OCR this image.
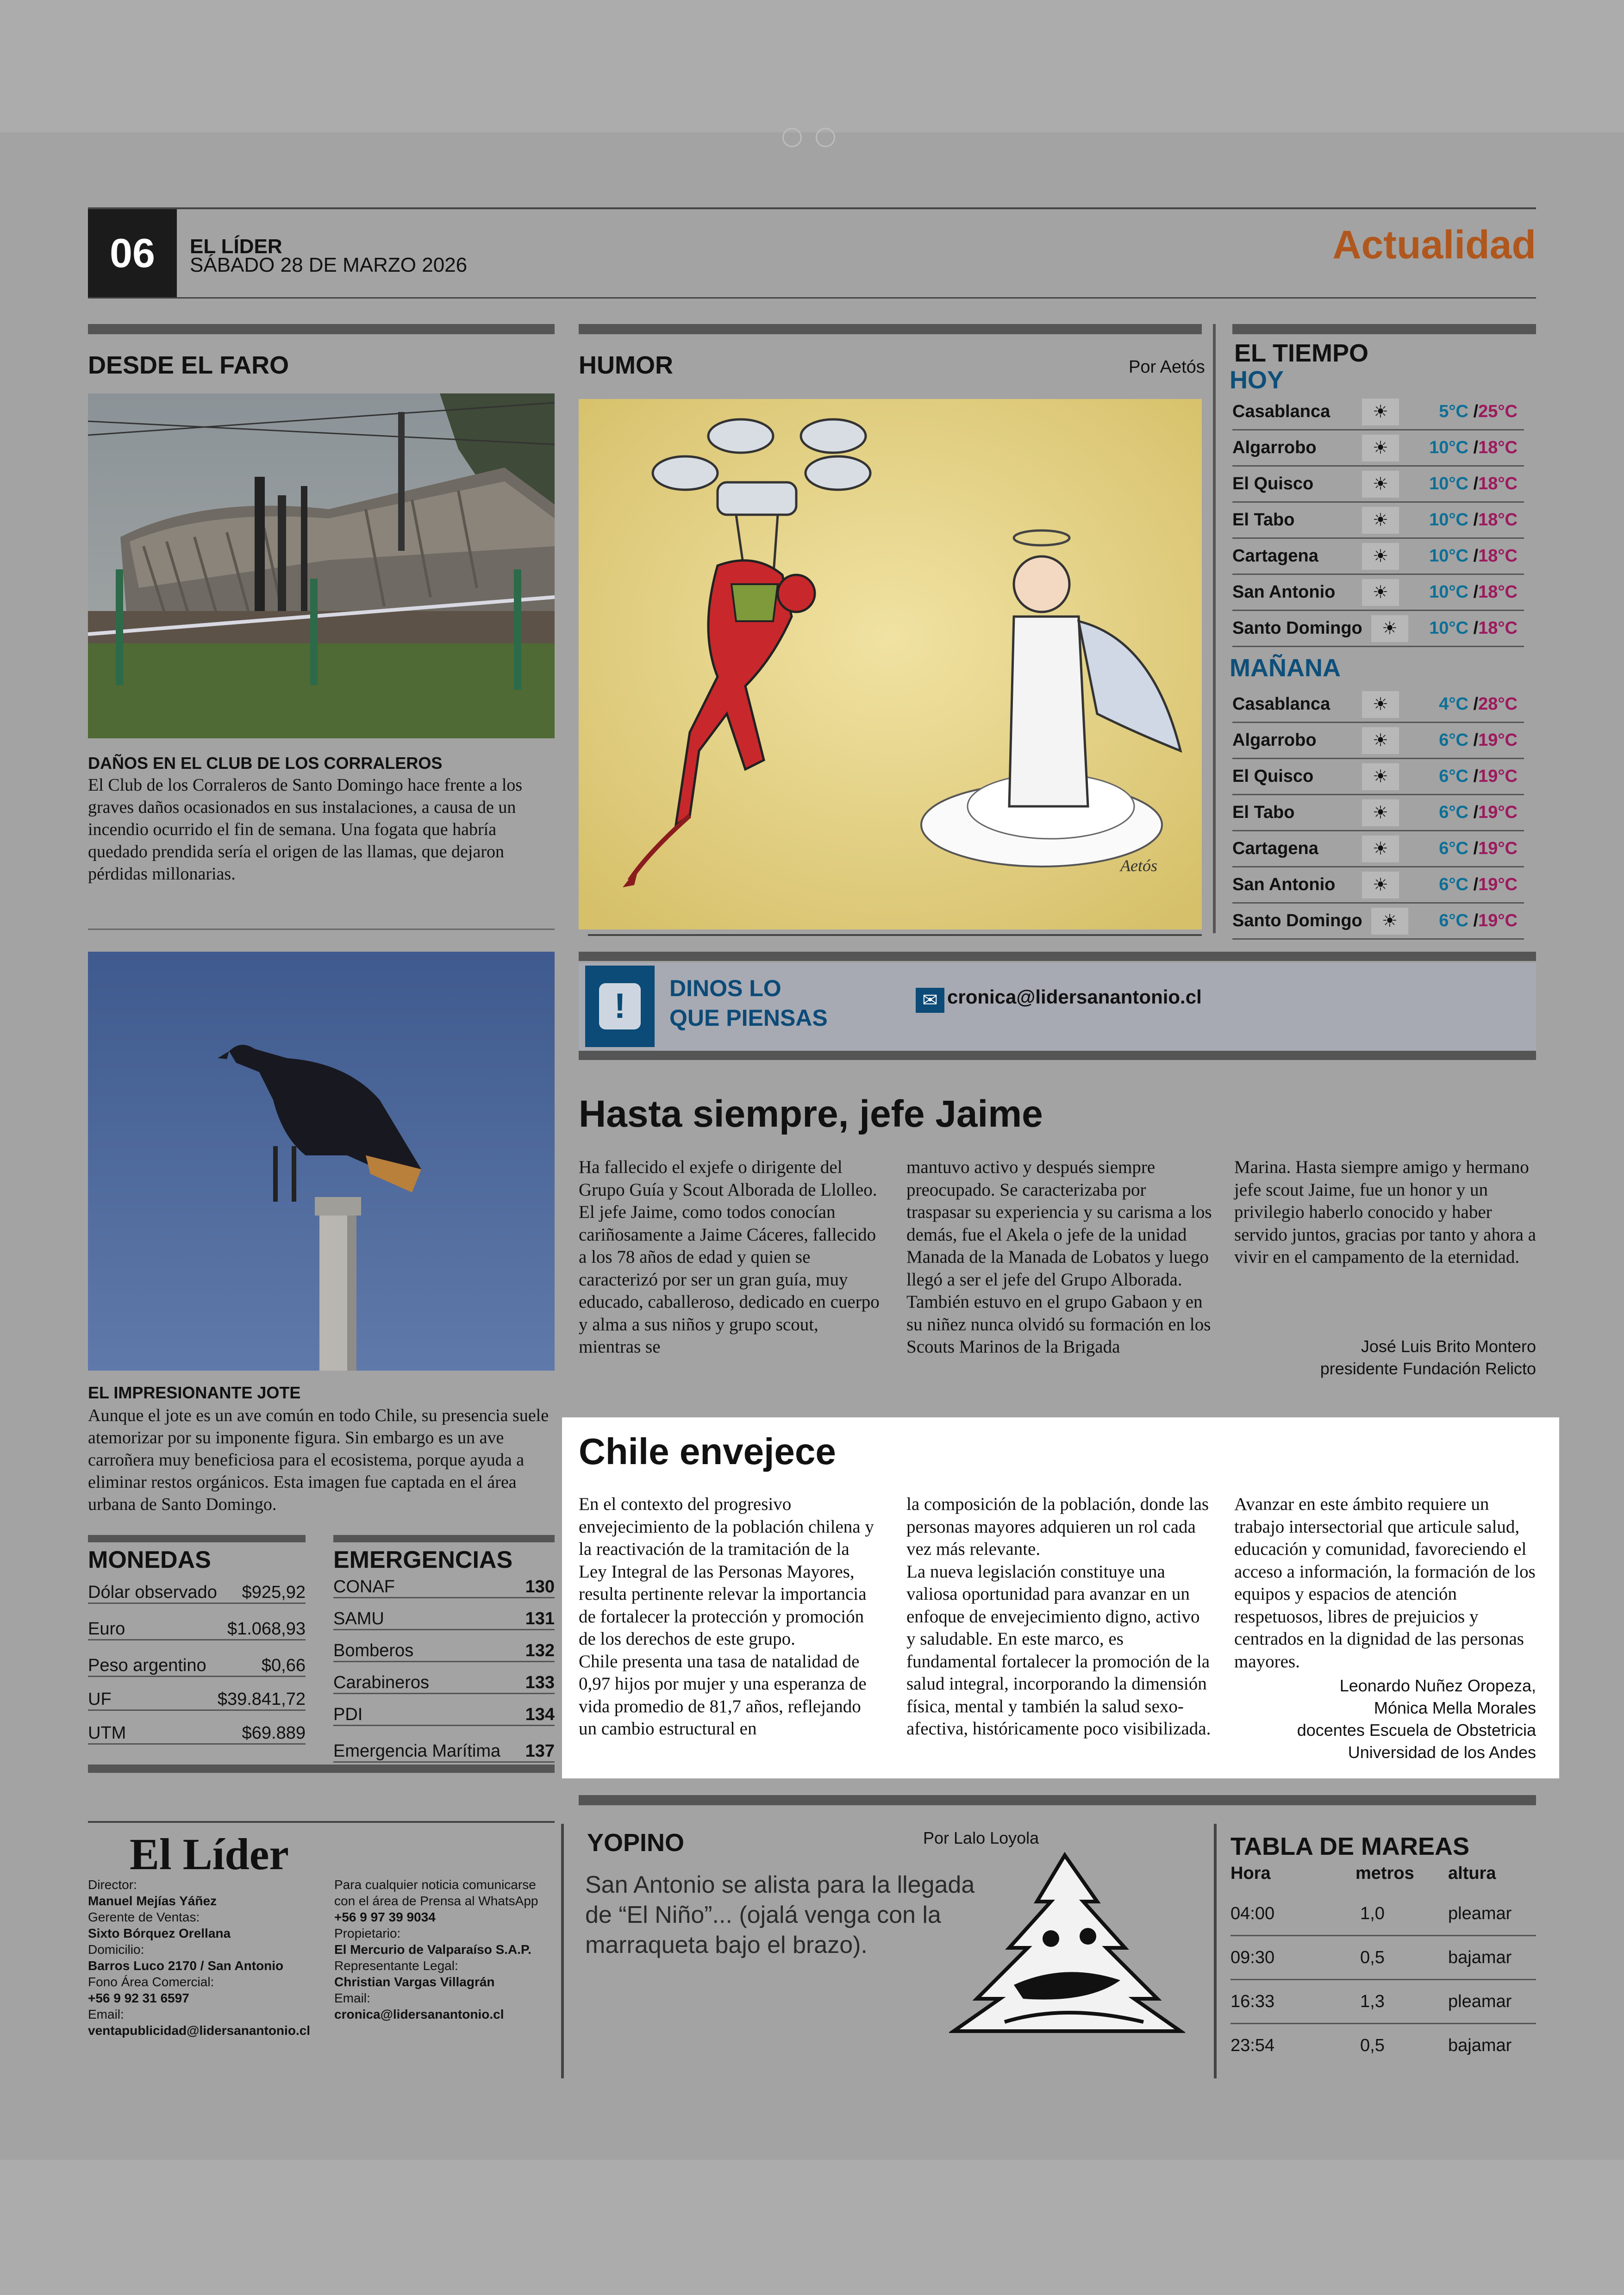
06	EL LÍDER
SÁBADO 28 DE MARZO 2026	Actualidad
DESDE EL FARO
DAÑOS EN EL CLUB DE LOS CORRALEROS
El Club de los Corraleros de Santo Domingo hace frente a los graves daños ocasionados en sus instalaciones, a causa de un incendio ocurrido el fin de semana. Una fogata que habría quedado prendida sería el origen de las llamas, que dejaron pérdidas millonarias.
EL IMPRESIONANTE JOTE
Aunque el jote es un ave común en todo Chile, su presencia suele atemorizar por su imponente figura. Sin embargo es un ave carroñera muy beneficiosa para el ecosistema, porque ayuda a eliminar restos orgánicos. Esta imagen fue captada en el área urbana de Santo Domingo.
MONEDAS
Dólar observado $925,92
Euro	$1.068,93
Peso argentino	$0,66
UF	$39.841,72
UTM	$69.889
EMERGENCIAS
CONAF	130
SAMU	131
Bomberos	132
Carabineros	133
PDI	134
Emergencia Marítima 137
HUMOR	Por Aetós
Aetós
EL TIEMPO
HOY
Casablanca	☀	5°C /25°C
Algarrobo	☀	10°C /18°C
El Quisco	☀	10°C /18°C
El Tabo	☀	10°C /18°C
Cartagena	☀	10°C /18°C
San Antonio	☀	10°C /18°C
Santo Domingo	☀	10°C /18°C
MAÑANA
Casablanca	☀	4°C /28°C
Algarrobo	☀	6°C /19°C
El Quisco	☀	6°C /19°C
El Tabo	☀	6°C /19°C
Cartagena	☀	6°C /19°C
San Antonio	☀	6°C /19°C
Santo Domingo	☀	6°C /19°C
!	DINOS LO
QUE PIENSAS
✉ cronica@lidersanantonio.cl
Hasta siempre, jefe Jaime
Ha fallecido el exjefe o dirigente del Grupo Guía y Scout Alborada de Llolleo.
El jefe Jaime, como todos conocían cariñosamente a Jaime Cáceres, fallecido a los 78 años de edad y quien se caracterizó por ser un gran guía, muy educado, caballeroso, dedicado en cuerpo y alma a sus niños y grupo scout, mientras se
mantuvo activo y después siempre preocupado. Se caracterizaba por traspasar su experiencia y su carisma a los demás, fue el Akela o jefe de la unidad Manada de la Manada de Lobatos y luego llegó a ser el jefe del Grupo Alborada. También estuvo en el grupo Gabaon y en su niñez nunca olvidó su formación en los Scouts Marinos de la Brigada
Marina. Hasta siempre amigo y hermano jefe scout Jaime, fue un honor y un privilegio haberlo conocido y haber servido juntos, gracias por tanto y ahora a vivir en el campamento de la eternidad.
José Luis Brito Montero
presidente Fundación Relicto
Chile envejece
En el contexto del progresivo envejecimiento de la población chilena y la reactivación de la tramitación de la Ley Integral de las Personas Mayores, resulta pertinente relevar la importancia de fortalecer la protección y promoción de los derechos de este grupo.
Chile presenta una tasa de natalidad de 0,97 hijos por mujer y una esperanza de vida promedio de 81,7 años, reflejando un cambio estructural en
la composición de la población, donde las personas mayores adquieren un rol cada vez más relevante.
La nueva legislación constituye una valiosa oportunidad para avanzar en un enfoque de envejecimiento digno, activo y saludable. En este marco, es fundamental fortalecer la promoción de la salud integral, incorporando la dimensión física, mental y también la salud sexo-afectiva, históricamente poco visibilizada.
Avanzar en este ámbito requiere un trabajo intersectorial que articule salud, educación y comunidad, favoreciendo el acceso a información, la formación de los equipos y espacios de atención respetuosos, libres de prejuicios y centrados en la dignidad de las personas mayores.
Leonardo Nuñez Oropeza,
Mónica Mella Morales
docentes Escuela de Obstetricia
Universidad de los Andes
El Líder
Director:
Manuel Mejías Yáñez
Gerente de Ventas:
Sixto Bórquez Orellana
Domicilio:
Barros Luco 2170 / San Antonio
Fono Área Comercial:
+56 9 92 31 6597
Email:
ventapublicidad@lidersanantonio.cl
Para cualquier noticia comunicarse
con el área de Prensa al WhatsApp
+56 9 97 39 9034
Propietario:
El Mercurio de Valparaíso S.A.P.
Representante Legal:
Christian Vargas Villagrán
Email:
cronica@lidersanantonio.cl
YOPINO	Por Lalo Loyola
San Antonio se alista para la llegada de “El Niño”... (ojalá venga con la marraqueta bajo el brazo).
TABLA DE MAREAS
Hora	metros	altura
04:00	1,0	pleamar
09:30	0,5	bajamar
16:33	1,3	pleamar
23:54	0,5	bajamar
